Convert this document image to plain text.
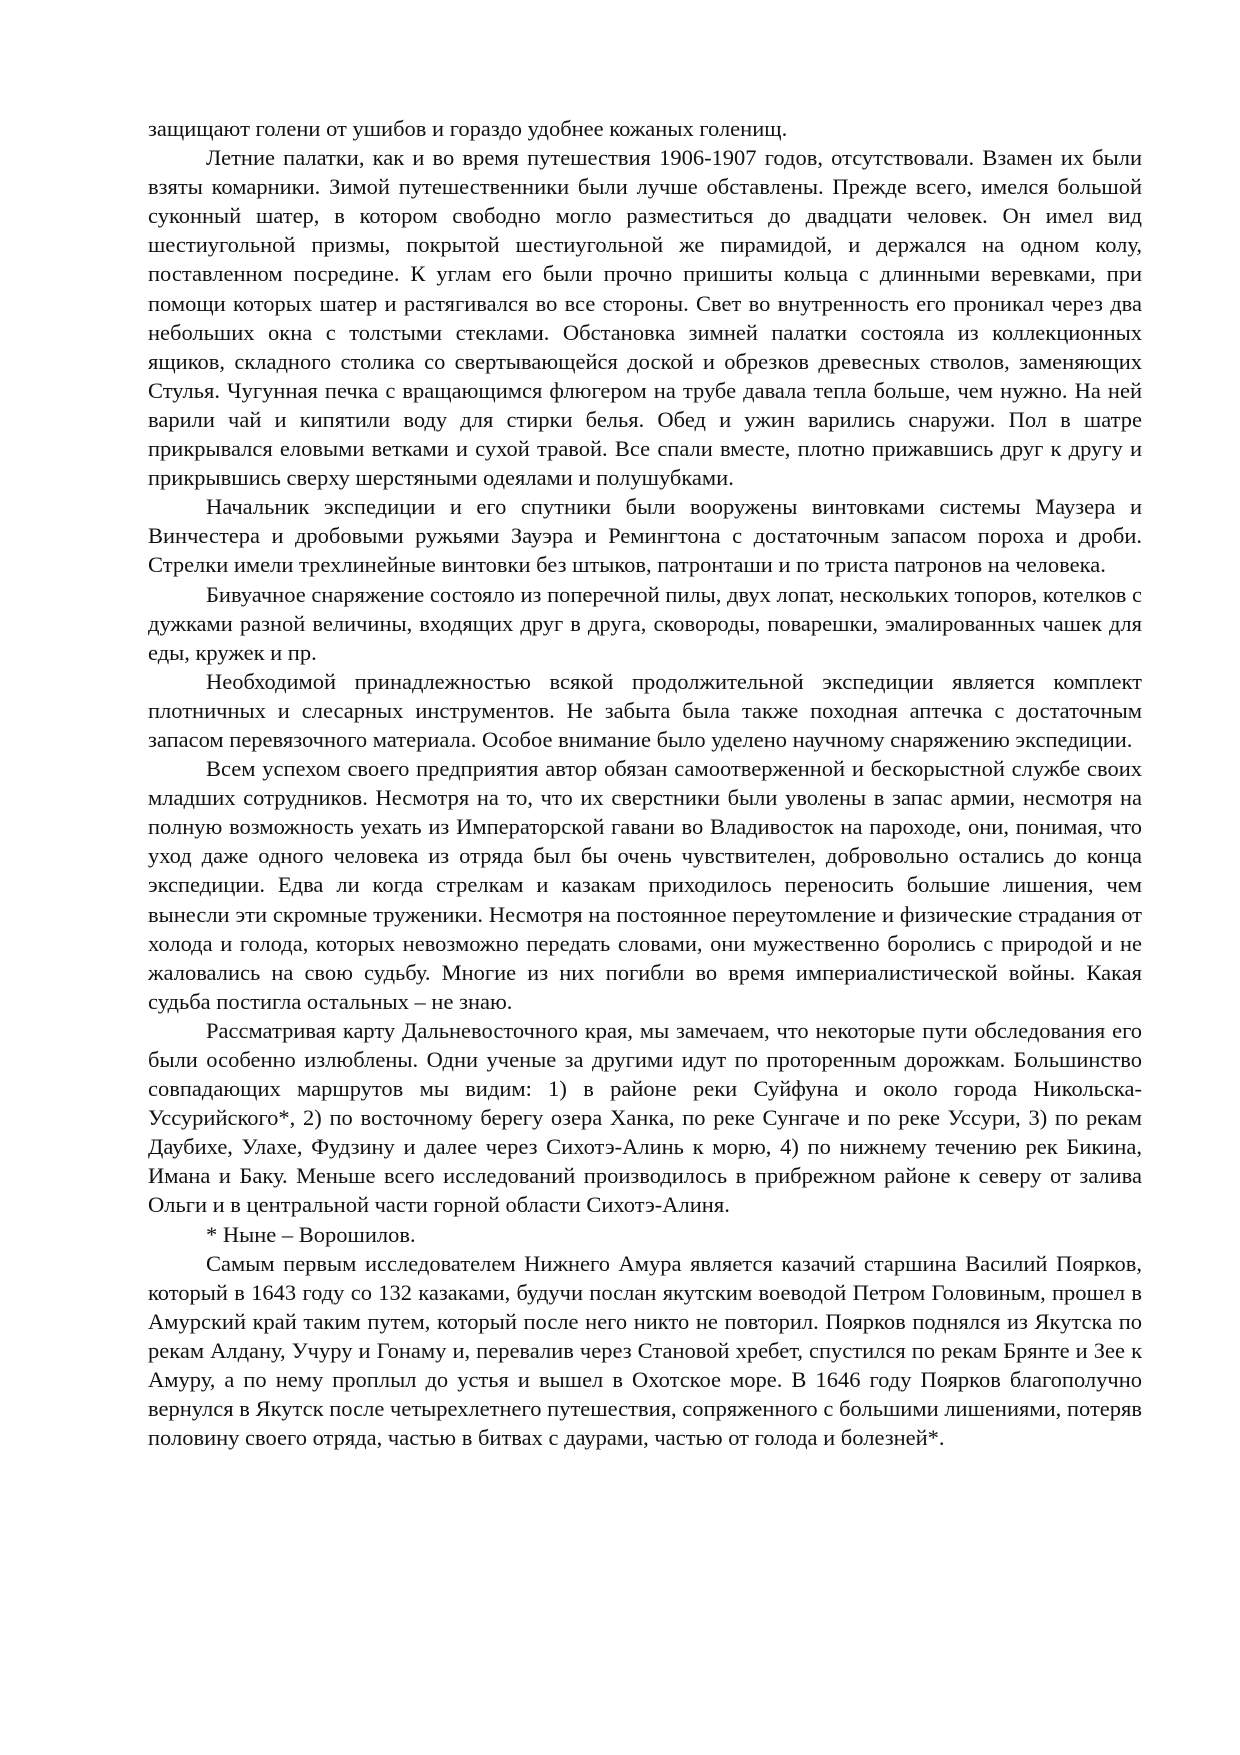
защищают голени от ушибов и гораздо удобнее кожаных голенищ.

Летние палатки, как и во время путешествия 1906-1907 годов, отсутствовали. Взамен их были взяты комарники. Зимой путешественники были лучше обставлены. Прежде всего, имелся большой суконный шатер, в котором свободно могло разместиться до двадцати человек. Он имел вид шестиугольной призмы, покрытой шестиугольной же пирамидой, и держался на одном колу, поставленном посредине. К углам его были прочно пришиты кольца с длинными веревками, при помощи которых шатер и растягивался во все стороны. Свет во внутренность его проникал через два небольших окна с толстыми стеклами. Обстановка зимней палатки состояла из коллекционных ящиков, складного столика со свертывающейся доской и обрезков древесных стволов, заменяющих Стулья. Чугунная печка с вращающимся флюгером на трубе давала тепла больше, чем нужно. На ней варили чай и кипятили воду для стирки белья. Обед и ужин варились снаружи. Пол в шатре прикрывался еловыми ветками и сухой травой. Все спали вместе, плотно прижавшись друг к другу и прикрывшись сверху шерстяными одеялами и полушубками.

Начальник экспедиции и его спутники были вооружены винтовками системы Маузера и Винчестера и дробовыми ружьями Зауэра и Ремингтона с достаточным запасом пороха и дроби. Стрелки имели трехлинейные винтовки без штыков, патронташи и по триста патронов на человека.

Бивуачное снаряжение состояло из поперечной пилы, двух лопат, нескольких топоров, котелков с дужками разной величины, входящих друг в друга, сковороды, поварешки, эмалированных чашек для еды, кружек и пр.

Необходимой принадлежностью всякой продолжительной экспедиции является комплект плотничных и слесарных инструментов. Не забыта была также походная аптечка с достаточным запасом перевязочного материала. Особое внимание было уделено научному снаряжению экспедиции.

Всем успехом своего предприятия автор обязан самоотверженной и бескорыстной службе своих младших сотрудников. Несмотря на то, что их сверстники были уволены в запас армии, несмотря на полную возможность уехать из Императорской гавани во Владивосток на пароходе, они, понимая, что уход даже одного человека из отряда был бы очень чувствителен, добровольно остались до конца экспедиции. Едва ли когда стрелкам и казакам приходилось переносить большие лишения, чем вынесли эти скромные труженики. Несмотря на постоянное переутомление и физические страдания от холода и голода, которых невозможно передать словами, они мужественно боролись с природой и не жаловались на свою судьбу. Многие из них погибли во время империалистической войны. Какая судьба постигла остальных – не знаю.

Рассматривая карту Дальневосточного края, мы замечаем, что некоторые пути обследования его были особенно излюблены. Одни ученые за другими идут по проторенным дорожкам. Большинство совпадающих маршрутов мы видим: 1) в районе реки Суйфуна и около города Никольска-Уссурийского*, 2) по восточному берегу озера Ханка, по реке Сунгаче и по реке Уссури, 3) по рекам Даубихе, Улахе, Фудзину и далее через Сихотэ-Алинь к морю, 4) по нижнему течению рек Бикина, Имана и Баку. Меньше всего исследований производилось в прибрежном районе к северу от залива Ольги и в центральной части горной области Сихотэ-Алиня.

* Ныне – Ворошилов.

Самым первым исследователем Нижнего Амура является казачий старшина Василий Поярков, который в 1643 году со 132 казаками, будучи послан якутским воеводой Петром Головиным, прошел в Амурский край таким путем, который после него никто не повторил. Поярков поднялся из Якутска по рекам Алдану, Учуру и Гонаму и, перевалив через Становой хребет, спустился по рекам Брянте и Зее к Амуру, а по нему проплыл до устья и вышел в Охотское море. В 1646 году Поярков благополучно вернулся в Якутск после четырехлетнего путешествия, сопряженного с большими лишениями, потеряв половину своего отряда, частью в битвах с даурами, частью от голода и болезней*.
